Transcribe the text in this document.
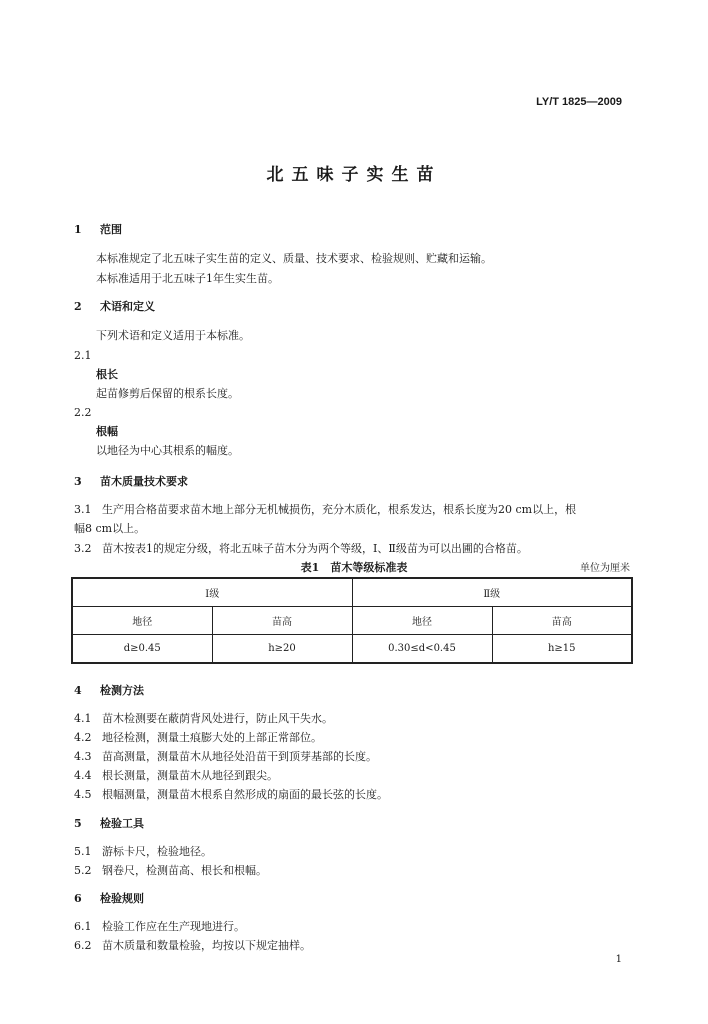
LY/T 1825—2009
北五味子实生苗
1 范围
本标准规定了北五味子实生苗的定义、质量、技术要求、检验规则、贮藏和运输。
本标准适用于北五味子1年生实生苗。
2 术语和定义
下列术语和定义适用于本标准。
2.1
根长
起苗修剪后保留的根系长度。
2.2
根幅
以地径为中心其根系的幅度。
3 苗木质量技术要求
3.1 生产用合格苗要求苗木地上部分无机械损伤，充分木质化，根系发达，根系长度为20 cm以上，根
幅8 cm以上。
3.2 苗木按表1的规定分级，将北五味子苗木分为两个等级，Ⅰ、Ⅱ级苗为可以出圃的合格苗。
表1　苗木等级标准表	单位为厘米
Ⅰ级		Ⅱ级	
地径	苗高	地径	苗高
d≥0.45	h≥20	0.30≤d<0.45	h≥15
4 检测方法
4.1 苗木检测要在蔽荫背风处进行，防止风干失水。
4.2 地径检测，测量土痕膨大处的上部正常部位。
4.3 苗高测量，测量苗木从地径处沿苗干到顶芽基部的长度。
4.4 根长测量，测量苗木从地径到跟尖。
4.5 根幅测量，测量苗木根系自然形成的扇面的最长弦的长度。
5 检验工具
5.1 游标卡尺，检验地径。
5.2 钢卷尺，检测苗高、根长和根幅。
6 检验规则
6.1 检验工作应在生产现地进行。
6.2 苗木质量和数量检验，均按以下规定抽样。
1
